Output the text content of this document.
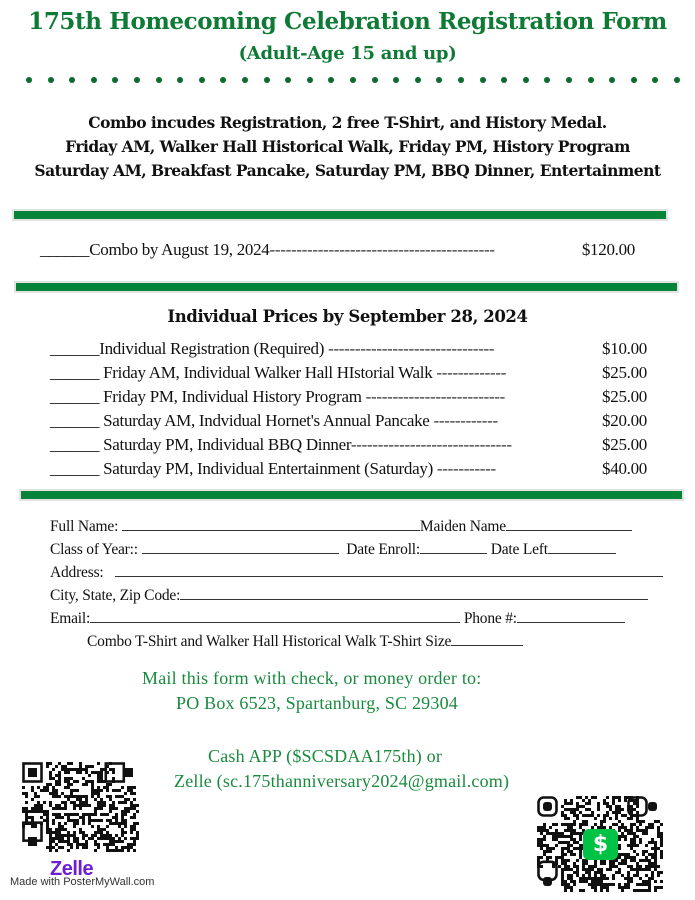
175th Homecoming Celebration Registration Form
(Adult-Age 15 and up)
Combo incudes Registration, 2 free T-Shirt, and History Medal.
Friday AM, Walker Hall Historical Walk, Friday PM, History Program
Saturday AM, Breakfast Pancake, Saturday PM, BBQ Dinner, Entertainment
______Combo by August 19, 2024------------------------------------------	$120.00
Individual Prices by September 28, 2024
______Individual Registration (Required) -------------------------------	$10.00
______ Friday AM, Individual Walker Hall HIstorial Walk -------------	$25.00
______ Friday PM, Individual History Program --------------------------	$25.00
______ Saturday AM, Indvidual Hornet's Annual Pancake ------------	$20.00
______ Saturday PM, Individual BBQ Dinner------------------------------	$25.00
______ Saturday PM, Individual Entertainment (Saturday) -----------	$40.00
Full Name:	Maiden Name
Class of Year::	Date Enroll:	Date Left
Address:
City, State, Zip Code:
Email:	Phone #:
Combo T-Shirt and Walker Hall Historical Walk T-Shirt Size
Mail this form with check, or money order to:
PO Box 6523, Spartanburg, SC 29304
Cash APP ($SCSDAA175th) or
Zelle (sc.175thanniversary2024@gmail.com)
Zelle
$
Made with PosterMyWall.com
